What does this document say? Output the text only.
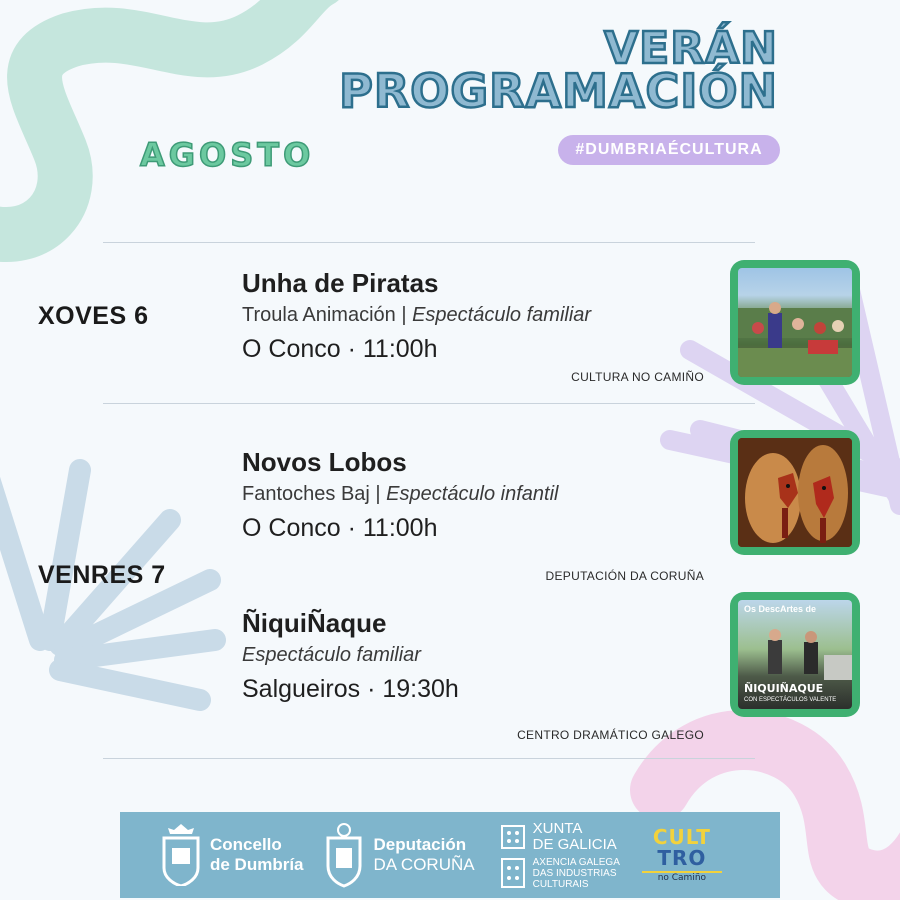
VERÁN
PROGRAMACIÓN
#DUMBRIAÉCULTURA
AGOSTO
XOVES 6
VENRES 7
Unha de Piratas
Troula Animación | Espectáculo familiar
O Conco · 11:00h
CULTURA NO CAMIÑO
Novos Lobos
Fantoches Baj | Espectáculo infantil
O Conco · 11:00h
DEPUTACIÓN DA CORUÑA
ÑiquiÑaque
Espectáculo familiar
Salgueiros · 19:30h
CENTRO DRAMÁTICO GALEGO
Os DescArtes de
ÑIQUIÑAQUE
CON ESPECTÁCULOS VALENTE
Concello
de Dumbría
Deputación
DA CORUÑA
XUNTA
DE GALICIA
AXENCIA GALEGA
DAS INDUSTRIAS
CULTURAIS
CULT
TRO
no Camiño
